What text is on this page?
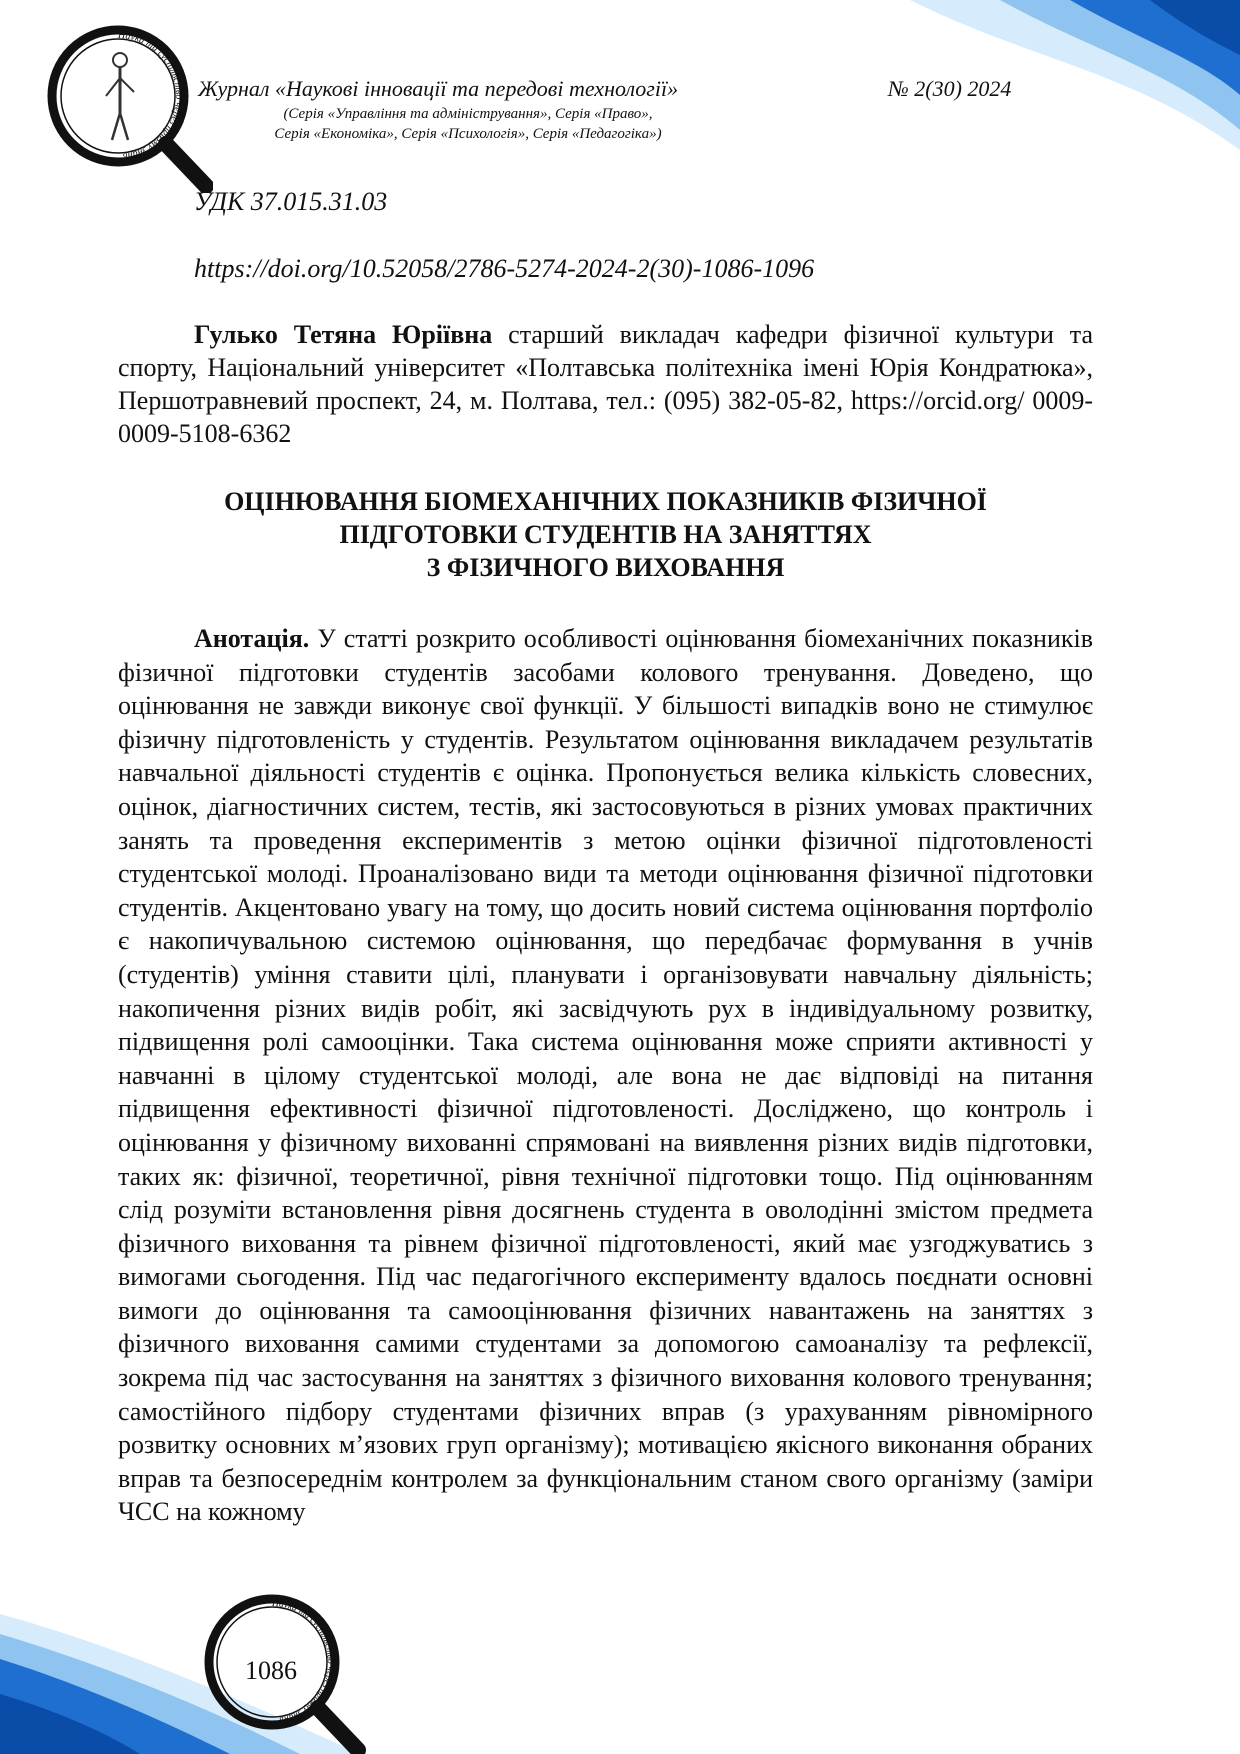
Наука та суспільство через призму знань
Журнал «Наукові інновації та передові технології»	№ 2(30) 2024
(Серія «Управління та адміністрування», Серія «Право»,
Серія «Економіка», Серія «Психологія», Серія «Педагогіка»)
УДК 37.015.31.03
https://doi.org/10.52058/2786-5274-2024-2(30)-1086-1096

Гулько Тетяна Юріївна старший викладач кафедри фізичної культури та спорту, Національний університет «Полтавська політехніка імені Юрія Кондратюка», Першотравневий проспект, 24, м. Полтава, тел.: (095) 382-05-82, https://orcid.org/ 0009-0009-5108-6362

ОЦІНЮВАННЯ БІОМЕХАНІЧНИХ ПОКАЗНИКІВ ФІЗИЧНОЇ
ПІДГОТОВКИ СТУДЕНТІВ НА ЗАНЯТТЯХ
З ФІЗИЧНОГО ВИХОВАННЯ

Анотація. У статті розкрито особливості оцінювання біомеханічних показників фізичної підготовки студентів засобами колового тренування. Доведено, що оцінювання не завжди виконує свої функції. У більшості випадків воно не стимулює фізичну підготовленість у студентів. Результатом оцінювання викладачем результатів навчальної діяльності студентів є оцінка. Пропонується велика кількість словесних, оцінок, діагностичних систем, тестів, які застосовуються в різних умовах практичних занять та проведення експериментів з метою оцінки фізичної підготовленості студентської молоді. Проаналізовано види та методи оцінювання фізичної підготовки студентів. Акцентовано увагу на тому, що досить новий система оцінювання портфоліо є накопичувальною системою оцінювання, що передбачає формування в учнів (студентів) уміння ставити цілі, планувати і організовувати навчальну діяльність; накопичення різних видів робіт, які засвідчують рух в індивідуальному розвитку, підвищення ролі самооцінки. Така система оцінювання може сприяти активності у навчанні в цілому студентської молоді, але вона не дає відповіді на питання підвищення ефективності фізичної підготовленості. Досліджено, що контроль і оцінювання у фізичному вихованні спрямовані на виявлення різних видів підготовки, таких як: фізичної, теоретичної, рівня технічної підготовки тощо. Під оцінюванням слід розуміти встановлення рівня досягнень студента в оволодінні змістом предмета фізичного виховання та рівнем фізичної підготовленості, який має узгоджуватись з вимогами сьогодення. Під час педагогічного експерименту вдалось поєднати основні вимоги до оцінювання та самооцінювання фізичних навантажень на заняттях з фізичного виховання самими студентами за допомогою самоаналізу та рефлексії, зокрема під час застосування на заняттях з фізичного виховання колового тренування; самостійного підбору студентами фізичних вправ (з урахуванням рівномірного розвитку основних м’язових груп організму); мотивацією якісного виконання обраних вправ та безпосереднім контролем за функціональним станом свого організму (заміри ЧСС на кожному

Наука та суспільство через призму знань
1086
